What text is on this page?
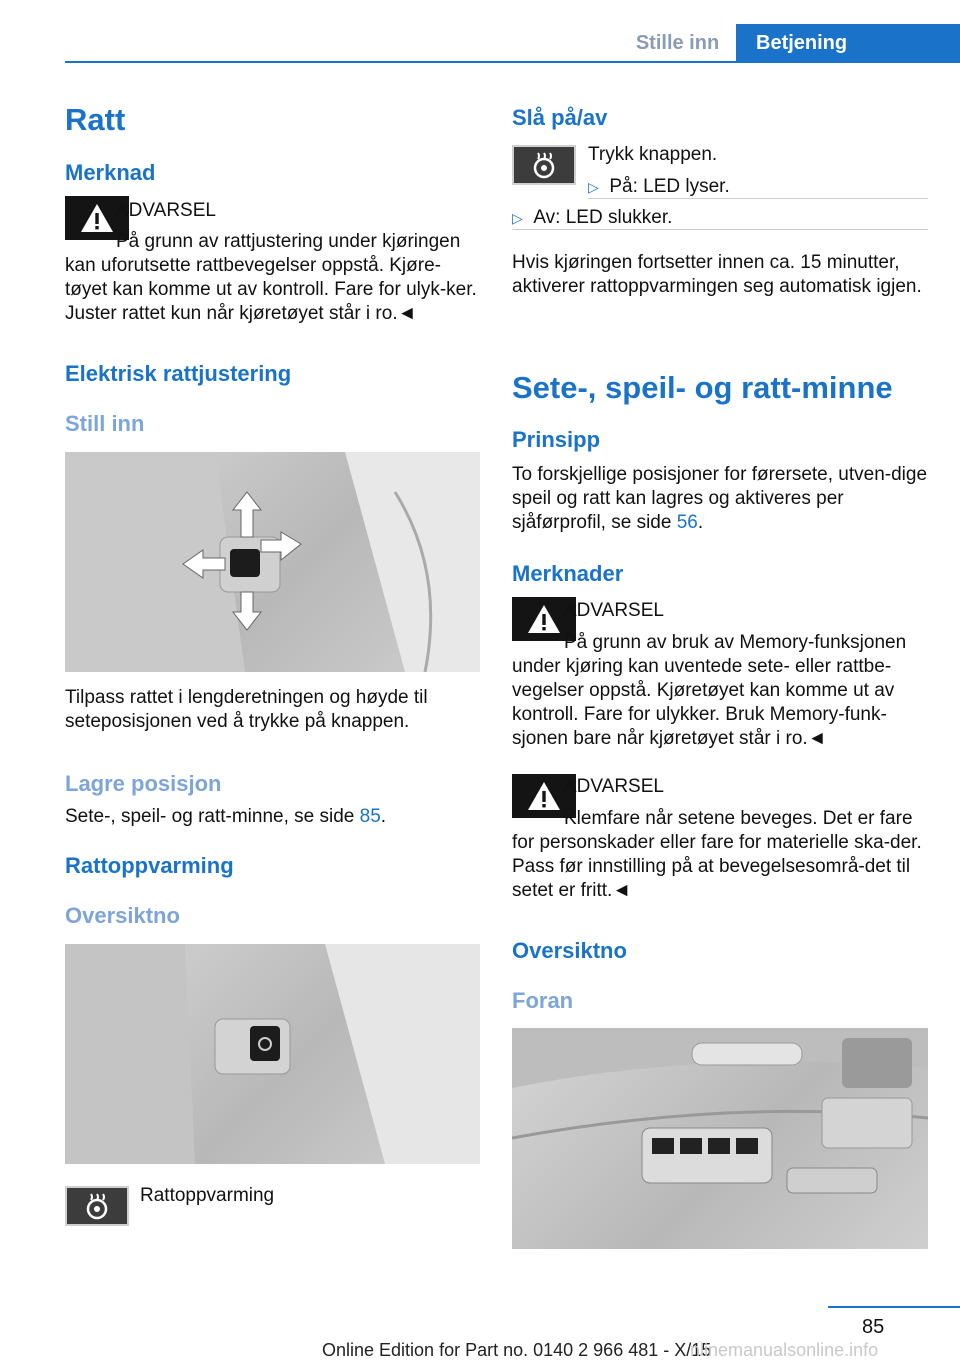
Stille inn	Betjening
Ratt
Merknad
ADVARSEL
På grunn av rattjustering under kjøringen
kan uforutsette rattbevegelser oppstå. Kjøre-tøyet kan komme ut av kontroll. Fare for ulyk-ker. Juster rattet kun når kjøretøyet står i ro.◄
Elektrisk rattjustering
Still inn
Tilpass rattet i lengderetningen og høyde til seteposisjonen ved å trykke på knappen.
Lagre posisjon
Sete-, speil- og ratt-minne, se side 85.
Rattoppvarming
Oversiktno
Rattoppvarming
Slå på/av
Trykk knappen.
▷ På: LED lyser.
▷ Av: LED slukker.
Hvis kjøringen fortsetter innen ca. 15 minutter, aktiverer rattoppvarmingen seg automatisk igjen.
Sete-, speil- og ratt-minne
Prinsipp
To forskjellige posisjoner for førersete, utven-dige speil og ratt kan lagres og aktiveres per sjåførprofil, se side 56.
Merknader
ADVARSEL
På grunn av bruk av Memory-funksjonen
under kjøring kan uventede sete- eller rattbe-vegelser oppstå. Kjøretøyet kan komme ut av kontroll. Fare for ulykker. Bruk Memory-funk-sjonen bare når kjøretøyet står i ro.◄
ADVARSEL
Klemfare når setene beveges. Det er fare
for personskader eller fare for materielle ska-der. Pass før innstilling på at bevegelsesområ-det til setet er fritt.◄
Oversiktno
Foran
85
Online Edition for Part no. 0140 2 966 481 - X/15
nlinemanualsonline.info
